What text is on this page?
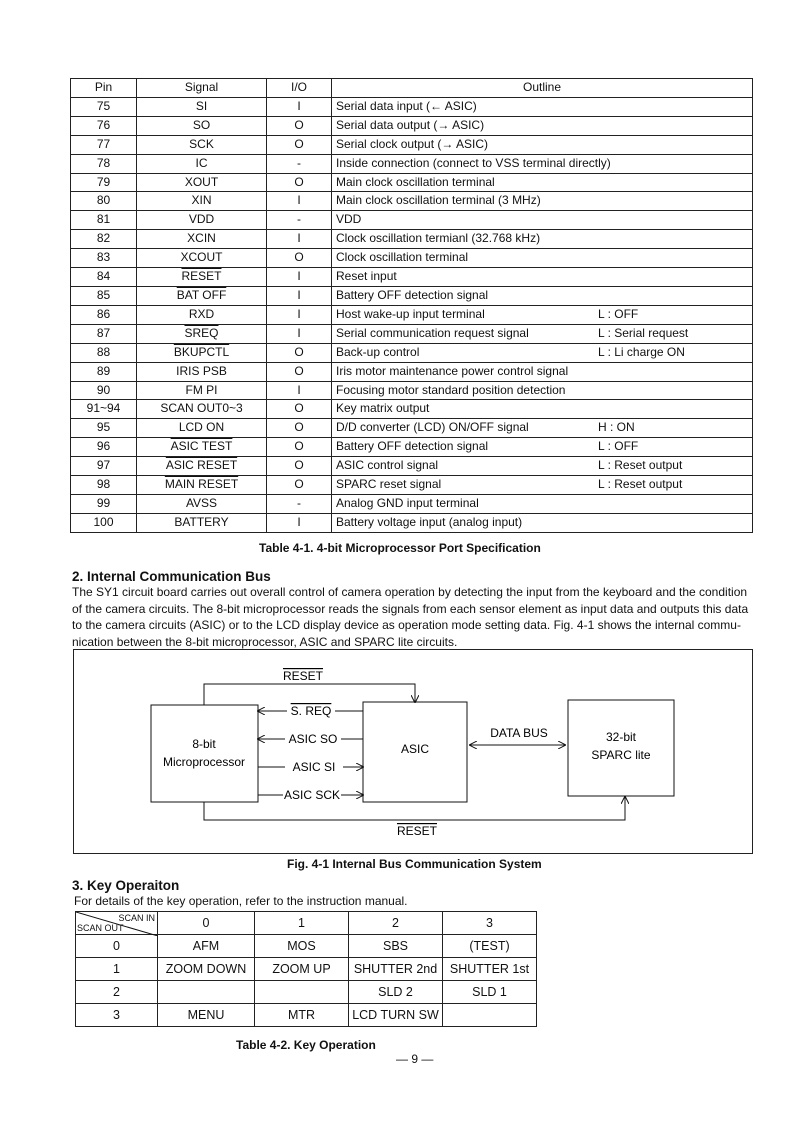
Pin	Signal	I/O	Outline
75	SI	I	Serial data input (← ASIC)
76	SO	O	Serial data output (→ ASIC)
77	SCK	O	Serial clock output (→ ASIC)
78	IC	-	Inside connection (connect to VSS terminal directly)
79	XOUT	O	Main clock oscillation terminal
80	XIN	I	Main clock oscillation terminal (3 MHz)
81	VDD	-	VDD
82	XCIN	I	Clock oscillation termianl (32.768 kHz)
83	XCOUT	O	Clock oscillation terminal
84	RESET	I	Reset input
85	BAT OFF	I	Battery OFF detection signal
86	RXD	I	Host wake-up input terminal L : OFF

87	SREQ	I	Serial communication request signal L : Serial request

88	BKUPCTL	O	Back-up control L : Li charge ON

89	IRIS PSB	O	Iris motor maintenance power control signal
90	FM PI	I	Focusing motor standard position detection
91~94	SCAN OUT0~3	O	Key matrix output
95	LCD ON	O	D/D converter (LCD) ON/OFF signal H : ON

96	ASIC TEST	O	Battery OFF detection signal L : OFF

97	ASIC RESET	O	ASIC control signal L : Reset output

98	MAIN RESET	O	SPARC reset signal L : Reset output

99	AVSS	-	Analog GND input terminal
100	BATTERY	I	Battery voltage input (analog input)
Table 4-1. 4-bit Microprocessor Port Specification
2. Internal Communication Bus

The SY1 circuit board carries out overall control of camera operation by detecting the input from the keyboard and the condition
of the camera circuits. The 8-bit microprocessor reads the signals from each sensor element as input data and outputs this data
to the camera circuits (ASIC) or to the LCD display device as operation mode setting data. Fig. 4-1 shows the internal commu-
nication between the 8-bit microprocessor, ASIC and SPARC lite circuits.

8-bit
Microprocessor
ASIC
32-bit
SPARC lite
RESET
S. REQ
ASIC SO
ASIC SI
ASIC SCK
DATA BUS
RESET
Fig. 4-1 Internal Bus Communication System
3. Key Operaiton

For details of the key operation, refer to the instruction manual.

SCAN IN
SCAN OUT	0	1	2	3
0	AFM	MOS	SBS	(TEST)
1	ZOOM DOWN	ZOOM UP	SHUTTER 2nd	SHUTTER 1st
2			SLD 2	SLD 1
3	MENU	MTR	LCD TURN SW	
Table 4-2. Key Operation
— 9 —
